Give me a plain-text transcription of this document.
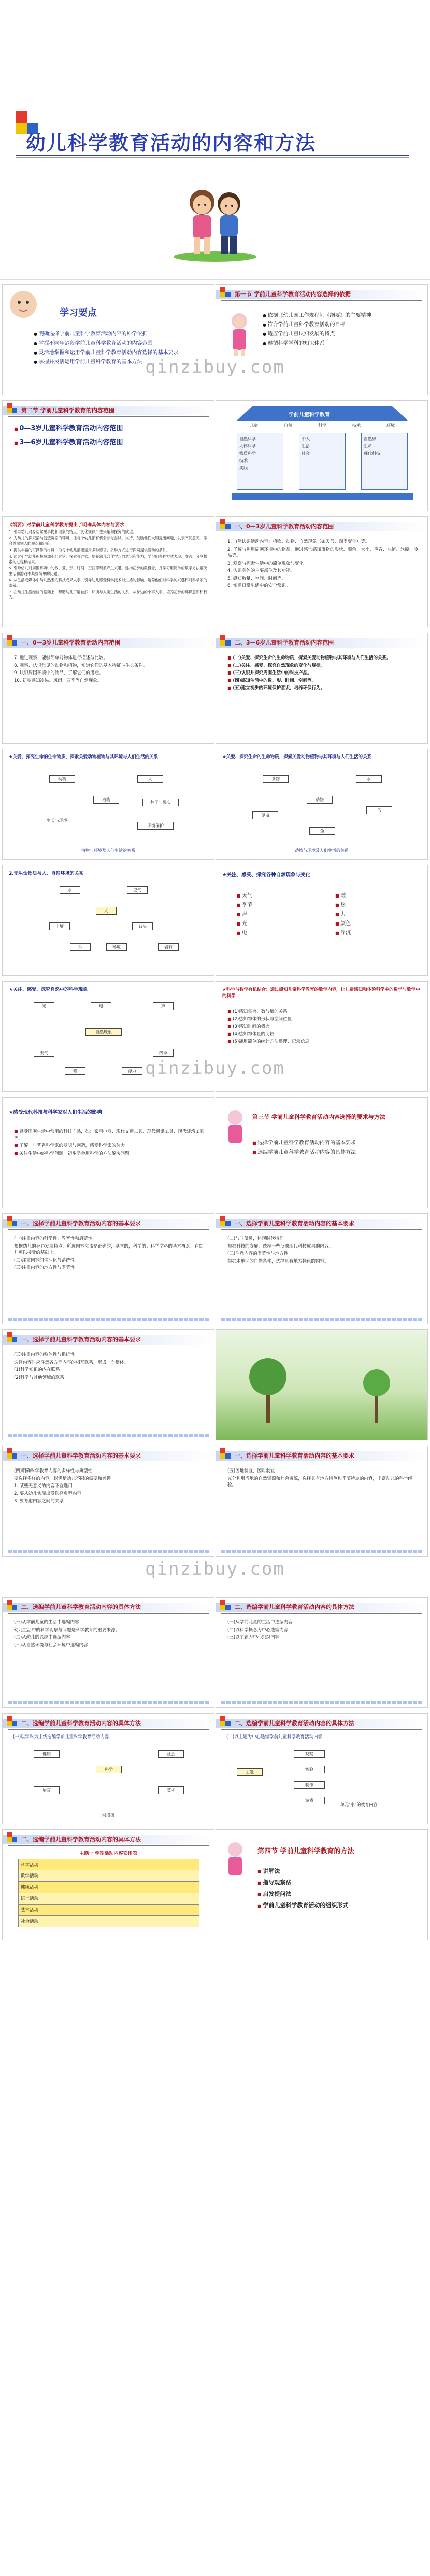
幼儿科学教育活动的内容和方法
学习要点

● 明确选择学前儿童科学教育活动内容的科学依据

● 掌握不同年龄段学前儿童科学教育活动的内容范围

● 灵活地掌握和运用学前儿童科学教育活动内容选择的基本要求

● 掌握并灵活运用学前儿童科学教育的基本方法

第一节 学前儿童科学教育活动内容选择的依据

● 依据《幼儿园工作规程》、《纲要》的主要精神

● 符合学前儿童科学教育活动的目标

● 适应学前儿童认知发展的特点

● 遵循科学学科的知识体系

qinzibuy.com
第二节 学前儿童科学教育的内容范围

■ 0—3岁儿童科学教育活动内容范围

■ 3—6岁儿童科学教育活动内容范围

学前儿童科学教育
儿童	自然	科学	技术	环境
自然科学
人体科学
物质科学
技术
实践
个人
生活
社会
自然界
生命
现代科技
《纲要》对学前儿童科学教育提出了明确具体内容与要求

1. 引导幼儿对身边常见事物和现象的特点、变化规律产生兴趣和探究的欲望。

2. 为幼儿的探究活动创造宽松的环境，让每个幼儿都有机会参与尝试，支持、鼓励他们大胆提出问题，发表不同意见，学会尊重别人的观点和经验。

3. 提供丰富的可操作的材料，为每个幼儿都能运用多种感官、多种方式进行探索提供活动的条件。

4. 通过引导幼儿积极参加小组讨论、探索等方式，培养幼儿合作学习的意识和能力，学习用多种方式表现、交流、分享探索的过程和结果。

5. 引导幼儿对周围环境中的数、量、形、时间、空间等现象产生兴趣，建构初步的数概念，并学习用简单的数学方法解决生活和游戏中某些简单的问题。

6. 从生活或媒体中幼儿熟悉的科技成果入手，引导幼儿感受科学技术对生活的影响，培养他们对科学的兴趣和对科学家的崇敬。

7. 在幼儿生活经验的基础上，帮助幼儿了解自然、环境与人类生活的关系，从身边的小事入手，培养初步的环保意识和行为。

一、0—3岁儿童科学教育活动内容范围

1. 自然认识活动内容：植物、动物、自然现象（如天气、四季变化）等。

2. 了解与利用周围环境中的物品，通过感官感知事物的形状、颜色、大小、声音、味道、软硬、冷热等。

3. 观察与探索生活中的简单现象与变化。

4. 认识身体的主要部位及其功能。

5. 感知数量、空间、时间等。

6. 知道日常生活中的安全常识。

一、0—3岁儿童科学教育活动内容范围

7. 通过观察，能够简单对物体进行描述与比较。

8. 观察、认识常见的动物和植物，知道它们的基本特征与生长条件。

9. 认识周围环境中的物品，了解它们的用途。

10. 初步感知冷热、风雨、四季等自然现象。

二、3—6岁儿童科学教育活动内容范围

■ (一)关爱、探究生命的生命物质，探索关爱动物植物与其环境与人们生活的关系。

■ (二)关注、感受、探究自然现象的变化与规律。

■ (三)认识并探究周围生活中的科技产品。

■ (四)感知生活中的数、形、时间、空间等。

■ (五)建立初步的环境保护意识，培养环保行为。

★关爱、探究生命的生命物质，探索关爱动物植物与其环境与人们生活的关系
植物
动物	人
种子与果实
生长与环境
环境保护
植物与环境及人们生活的关系
★关爱、探究生命的生命物质，探索关爱动物植物与其环境与人们生活的关系
动物
食物	水
昆虫
鸟
鱼
动物与环境及人们生活的关系
2.无生命物质与人、自然环境的关系
人
水	空气
土壤	石头
沙	环境	岩石
★关注、感受、探究各种自然现象与变化

■ 天气

■ 季节

■ 声

■ 光

■ 电

■ 磁

■ 热

■ 力

■ 颜色

■ 浮沉

★关注、感受、探究自然中的科学现象
自然现象
光	声
天气	四季
电
磁	浮力
★科学与数学有机结合：通过感知儿童科学教育的数学内容，让儿童感知和体验科学中的数学与数学中的科学

■ (1)感知集合、数与量的关系

■ (2)感知物体的形状与空间位置

■ (3)感知时间的概念

■ (4)感知物体量的比较

■ (5)能用简单的统计方法整理、记录信息

qinzibuy.com
★感受现代科技与科学家对人们生活的影响

■ 感受周围生活中常用的科技产品，如：家用电器、现代交通工具、现代通讯工具、现代建筑工具等。

■ 了解一些著名科学家的发明与创造，感受科学家的伟大。

■ 关注生活中的科学问题，初步学会用科学的方法解决问题。

第三节 学前儿童科学教育活动内容选择的要求与方法

■ 选择学前儿童科学教育活动内容的基本要求

■ 选编学前儿童科学教育活动内容的具体方法

一、选择学前儿童科学教育活动内容的基本要求

(一)注重内容的科学性、教育性和启蒙性

根据幼儿的身心发展特点，所选内容应该是正确的，基本的，科学的；科学学科的基本概念，在幼儿可以接受的基础上。

(二)注重内容的生活化与系统性

(三)注重内容的地方性与季节性

一、选择学前儿童科学教育活动内容的基本要求

(二)与时俱进，体现时代特征

根据科技的发展，选择一些反映现代科技成果的内容。

(三)注意内容的季节性与地方性

根据本地区的自然条件，选择具有地方特色的内容。

一、选择学前儿童科学教育活动内容的基本要求

(三)注重内容的整体性与系统性

选择内容时应注意各方面内容的相互联系，形成一个整体。

(1)科学知识的内在联系

(2)科学与其他领域的联系

一、选择学前儿童科学教育活动内容的基本要求

(四)明确科学教育内容的多样性与典型性

要选择多样的内容，以满足幼儿不同的需要和兴趣。

1. 某些无意义的内容不宜选用

2. 要从幼儿实际出发选择典型内容

3. 要考虑内容之间的关系

一、选择学前儿童科学教育活动内容的基本要求

(五)因地制宜，因时制宜

充分利用当地的自然资源和社会资源，选择具有地方特色和季节特点的内容，丰富幼儿的科学经验。

qinzibuy.com
二、选编学前儿童科学教育活动内容的具体方法

(一)从学前儿童的生活中选编内容

幼儿生活中的科学现象与问题是科学教育的重要来源。

(二)从幼儿的兴趣中选编内容

(三)从自然环境与社会环境中选编内容

二、选编学前儿童科学教育活动内容的具体方法

(一)从学前儿童的生活中选编内容

(二)以科学概念为中心选编内容

(三)以主题为中心组织内容

二、选编学前儿童科学教育活动内容的具体方法
(一)以学科为主线选编学前儿童科学教育活动内容
健康
科学
社会
语言	艺术
网络图
二、选编学前儿童科学教育活动内容的具体方法
(二)以主题为中心选编学前儿童科学教育活动内容
主题
观察
实验
制作
游戏
单元"水"的教育内容
二、选编学前儿童科学教育活动内容的具体方法
主题一 学期活动内容安排表
科学活动
数学活动
健康活动
语言活动
艺术活动
社会活动
第四节 学前儿童科学教育的方法

■ 讲解法

■ 指导观察法

■ 启发提问法

■ 学前儿童科学教育活动的组织形式
